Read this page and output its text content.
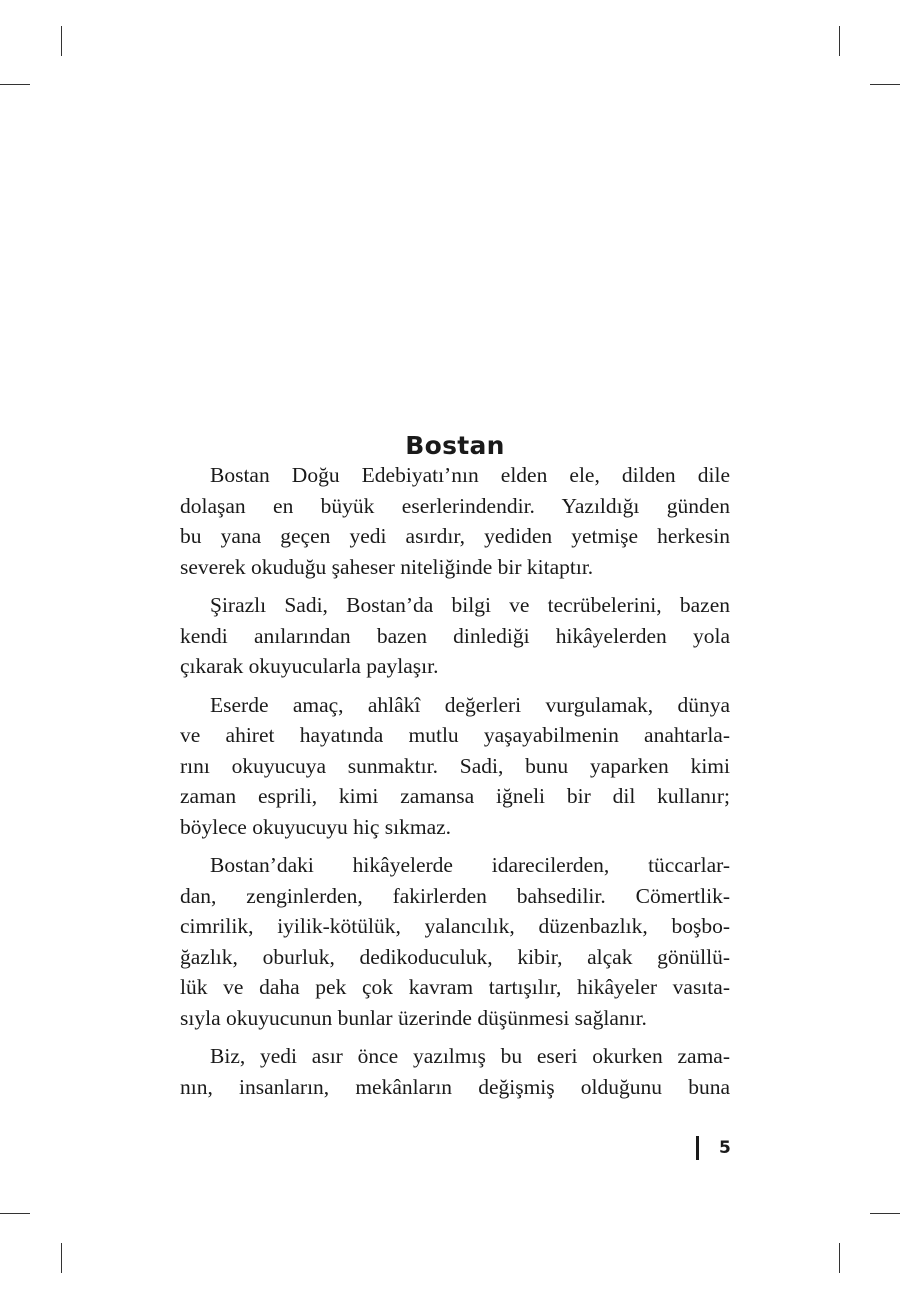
Bostan

Bostan Doğu Edebiyatı’nın elden ele, dilden dile
dolaşan en büyük eserlerindendir. Yazıldığı günden
bu yana geçen yedi asırdır, yediden yetmişe herkesin
severek okuduğu şaheser niteliğinde bir kitaptır.

Şirazlı Sadi, Bostan’da bilgi ve tecrübelerini, bazen
kendi anılarından bazen dinlediği hikâyelerden yola
çıkarak okuyucularla paylaşır.

Eserde amaç, ahlâkî değerleri vurgulamak, dünya
ve ahiret hayatında mutlu yaşayabilmenin anahtarla-
rını okuyucuya sunmaktır. Sadi, bunu yaparken kimi
zaman esprili, kimi zamansa iğneli bir dil kullanır;
böylece okuyucuyu hiç sıkmaz.

Bostan’daki hikâyelerde idarecilerden, tüccarlar-
dan, zenginlerden, fakirlerden bahsedilir. Cömertlik-
cimrilik, iyilik-kötülük, yalancılık, düzenbazlık, boşbo-
ğazlık, oburluk, dedikoduculuk, kibir, alçak gönüllü-
lük ve daha pek çok kavram tartışılır, hikâyeler vasıta-
sıyla okuyucunun bunlar üzerinde düşünmesi sağlanır.

Biz, yedi asır önce yazılmış bu eseri okurken zama-
nın, insanların, mekânların değişmiş olduğunu buna

5
